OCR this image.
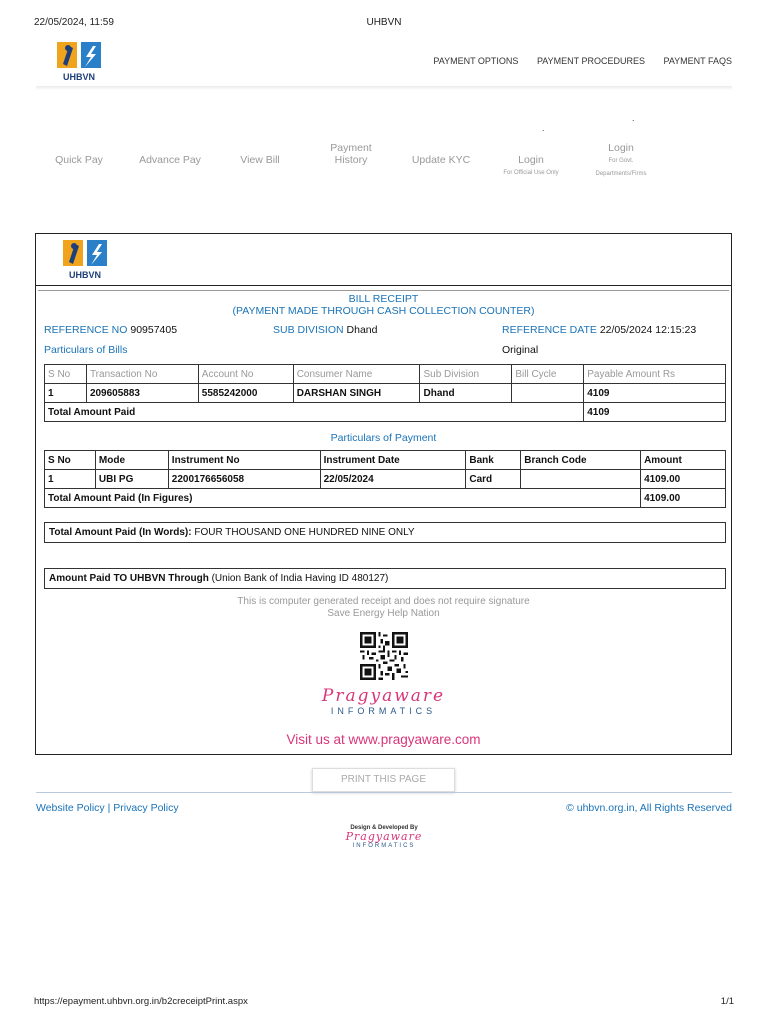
22/05/2024, 11:59	UHBVN
UHBVN
PAYMENT OPTIONS PAYMENT PROCEDURES PAYMENT FAQS
.
.
Quick Pay	Advance Pay	View Bill
Payment
History	Update KYC	Login
For Official Use Only
Login
For Govt.
Departments/Firms
UHBVN
BILL RECEIPT
(PAYMENT MADE THROUGH CASH COLLECTION COUNTER)
REFERENCE NO 90957405	SUB DIVISION Dhand	REFERENCE DATE 22/05/2024 12:15:23
Particulars of Bills	Original
S No	Transaction No	Account No	Consumer Name	Sub Division	Bill Cycle	Payable Amount Rs
1	209605883	5585242000	DARSHAN SINGH	Dhand		4109
Total Amount Paid						4109
Particulars of Payment
S No	Mode	Instrument No	Instrument Date	Bank	Branch Code	Amount
1	UBI PG	2200176656058	22/05/2024	Card		4109.00
Total Amount Paid (In Figures)						4109.00
Total Amount Paid (In Words): FOUR THOUSAND ONE HUNDRED NINE ONLY
Amount Paid TO UHBVN Through (Union Bank of India Having ID 480127)
This is computer generated receipt and does not require signature
Save Energy Help Nation
Pragyaware
INFORMATICS
Visit us at www.pragyaware.com
PRINT THIS PAGE
Website Policy | Privacy Policy	© uhbvn.org.in, All Rights Reserved
Design & Developed By
Pragyaware
INFORMATICS
https://epayment.uhbvn.org.in/b2creceiptPrint.aspx	1/1
